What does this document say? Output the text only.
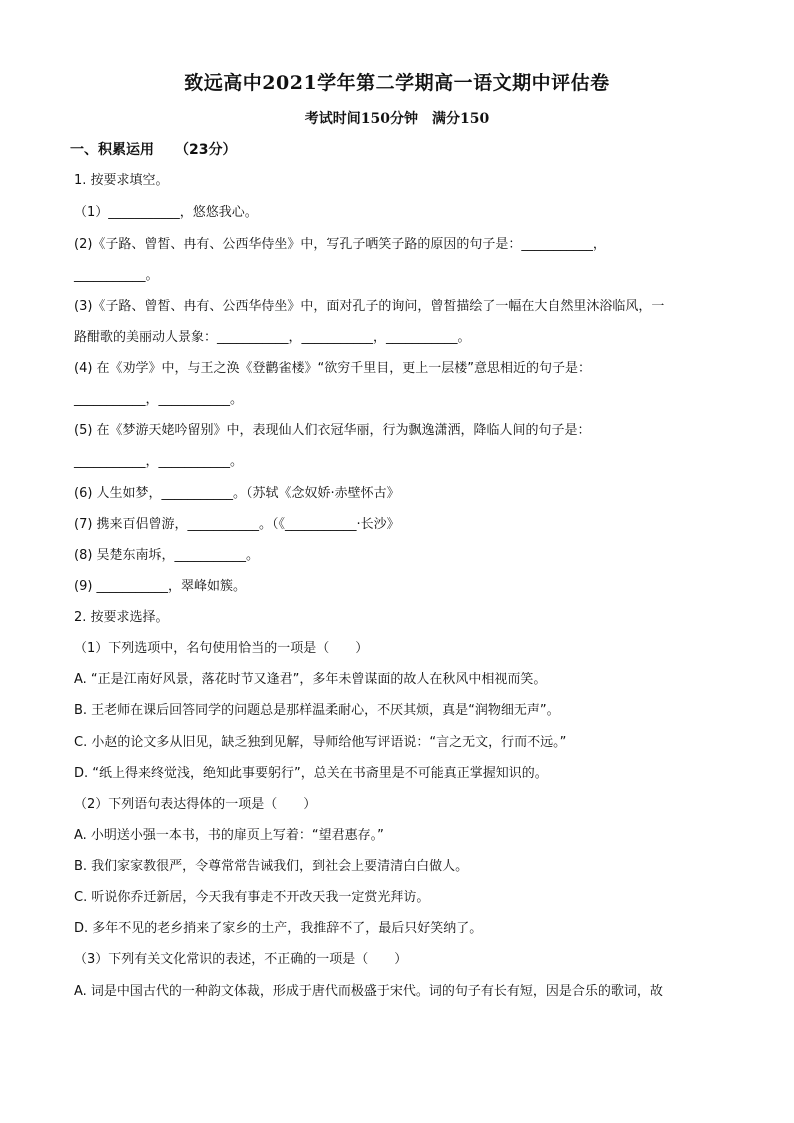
致远高中2021学年第二学期高一语文期中评估卷
考试时间150分钟　满分150
一、积累运用　　（23分）
1. 按要求填空。
（1）___________，悠悠我心。
(2)《子路、曾皙、冉有、公西华侍坐》中，写孔子哂笑子路的原因的句子是：___________，
___________。
(3)《子路、曾皙、冉有、公西华侍坐》中，面对孔子的询问，曾皙描绘了一幅在大自然里沐浴临风，一
路酣歌的美丽动人景象：___________，___________，___________。
(4) 在《劝学》中，与王之涣《登鹳雀楼》“欲穷千里目，更上一层楼”意思相近的句子是：
___________，___________。
(5) 在《梦游天姥吟留别》中，表现仙人们衣冠华丽，行为飘逸潇洒，降临人间的句子是：
___________，___________。
(6) 人生如梦，___________。（苏轼《念奴娇·赤壁怀古》
(7) 携来百侣曾游，___________。（《___________·长沙》
(8) 吴楚东南坼，___________。
(9) ___________，翠峰如簇。
2. 按要求选择。
（1）下列选项中，名句使用恰当的一项是（　　）
A. “正是江南好风景，落花时节又逢君”，多年未曾谋面的故人在秋风中相视而笑。
B. 王老师在课后回答同学的问题总是那样温柔耐心，不厌其烦，真是“润物细无声”。
C. 小赵的论文多从旧见，缺乏独到见解，导师给他写评语说：“言之无文，行而不远。”
D. “纸上得来终觉浅，绝知此事要躬行”，总关在书斋里是不可能真正掌握知识的。
（2）下列语句表达得体的一项是（　　）
A. 小明送小强一本书，书的扉页上写着：“望君惠存。”
B. 我们家家教很严，令尊常常告诫我们，到社会上要清清白白做人。
C. 听说你乔迁新居，今天我有事走不开改天我一定赏光拜访。
D. 多年不见的老乡捎来了家乡的土产，我推辞不了，最后只好笑纳了。
（3）下列有关文化常识的表述，不正确的一项是（　　）
A. 词是中国古代的一种韵文体裁，形成于唐代而极盛于宋代。词的句子有长有短，因是合乐的歌词，故
